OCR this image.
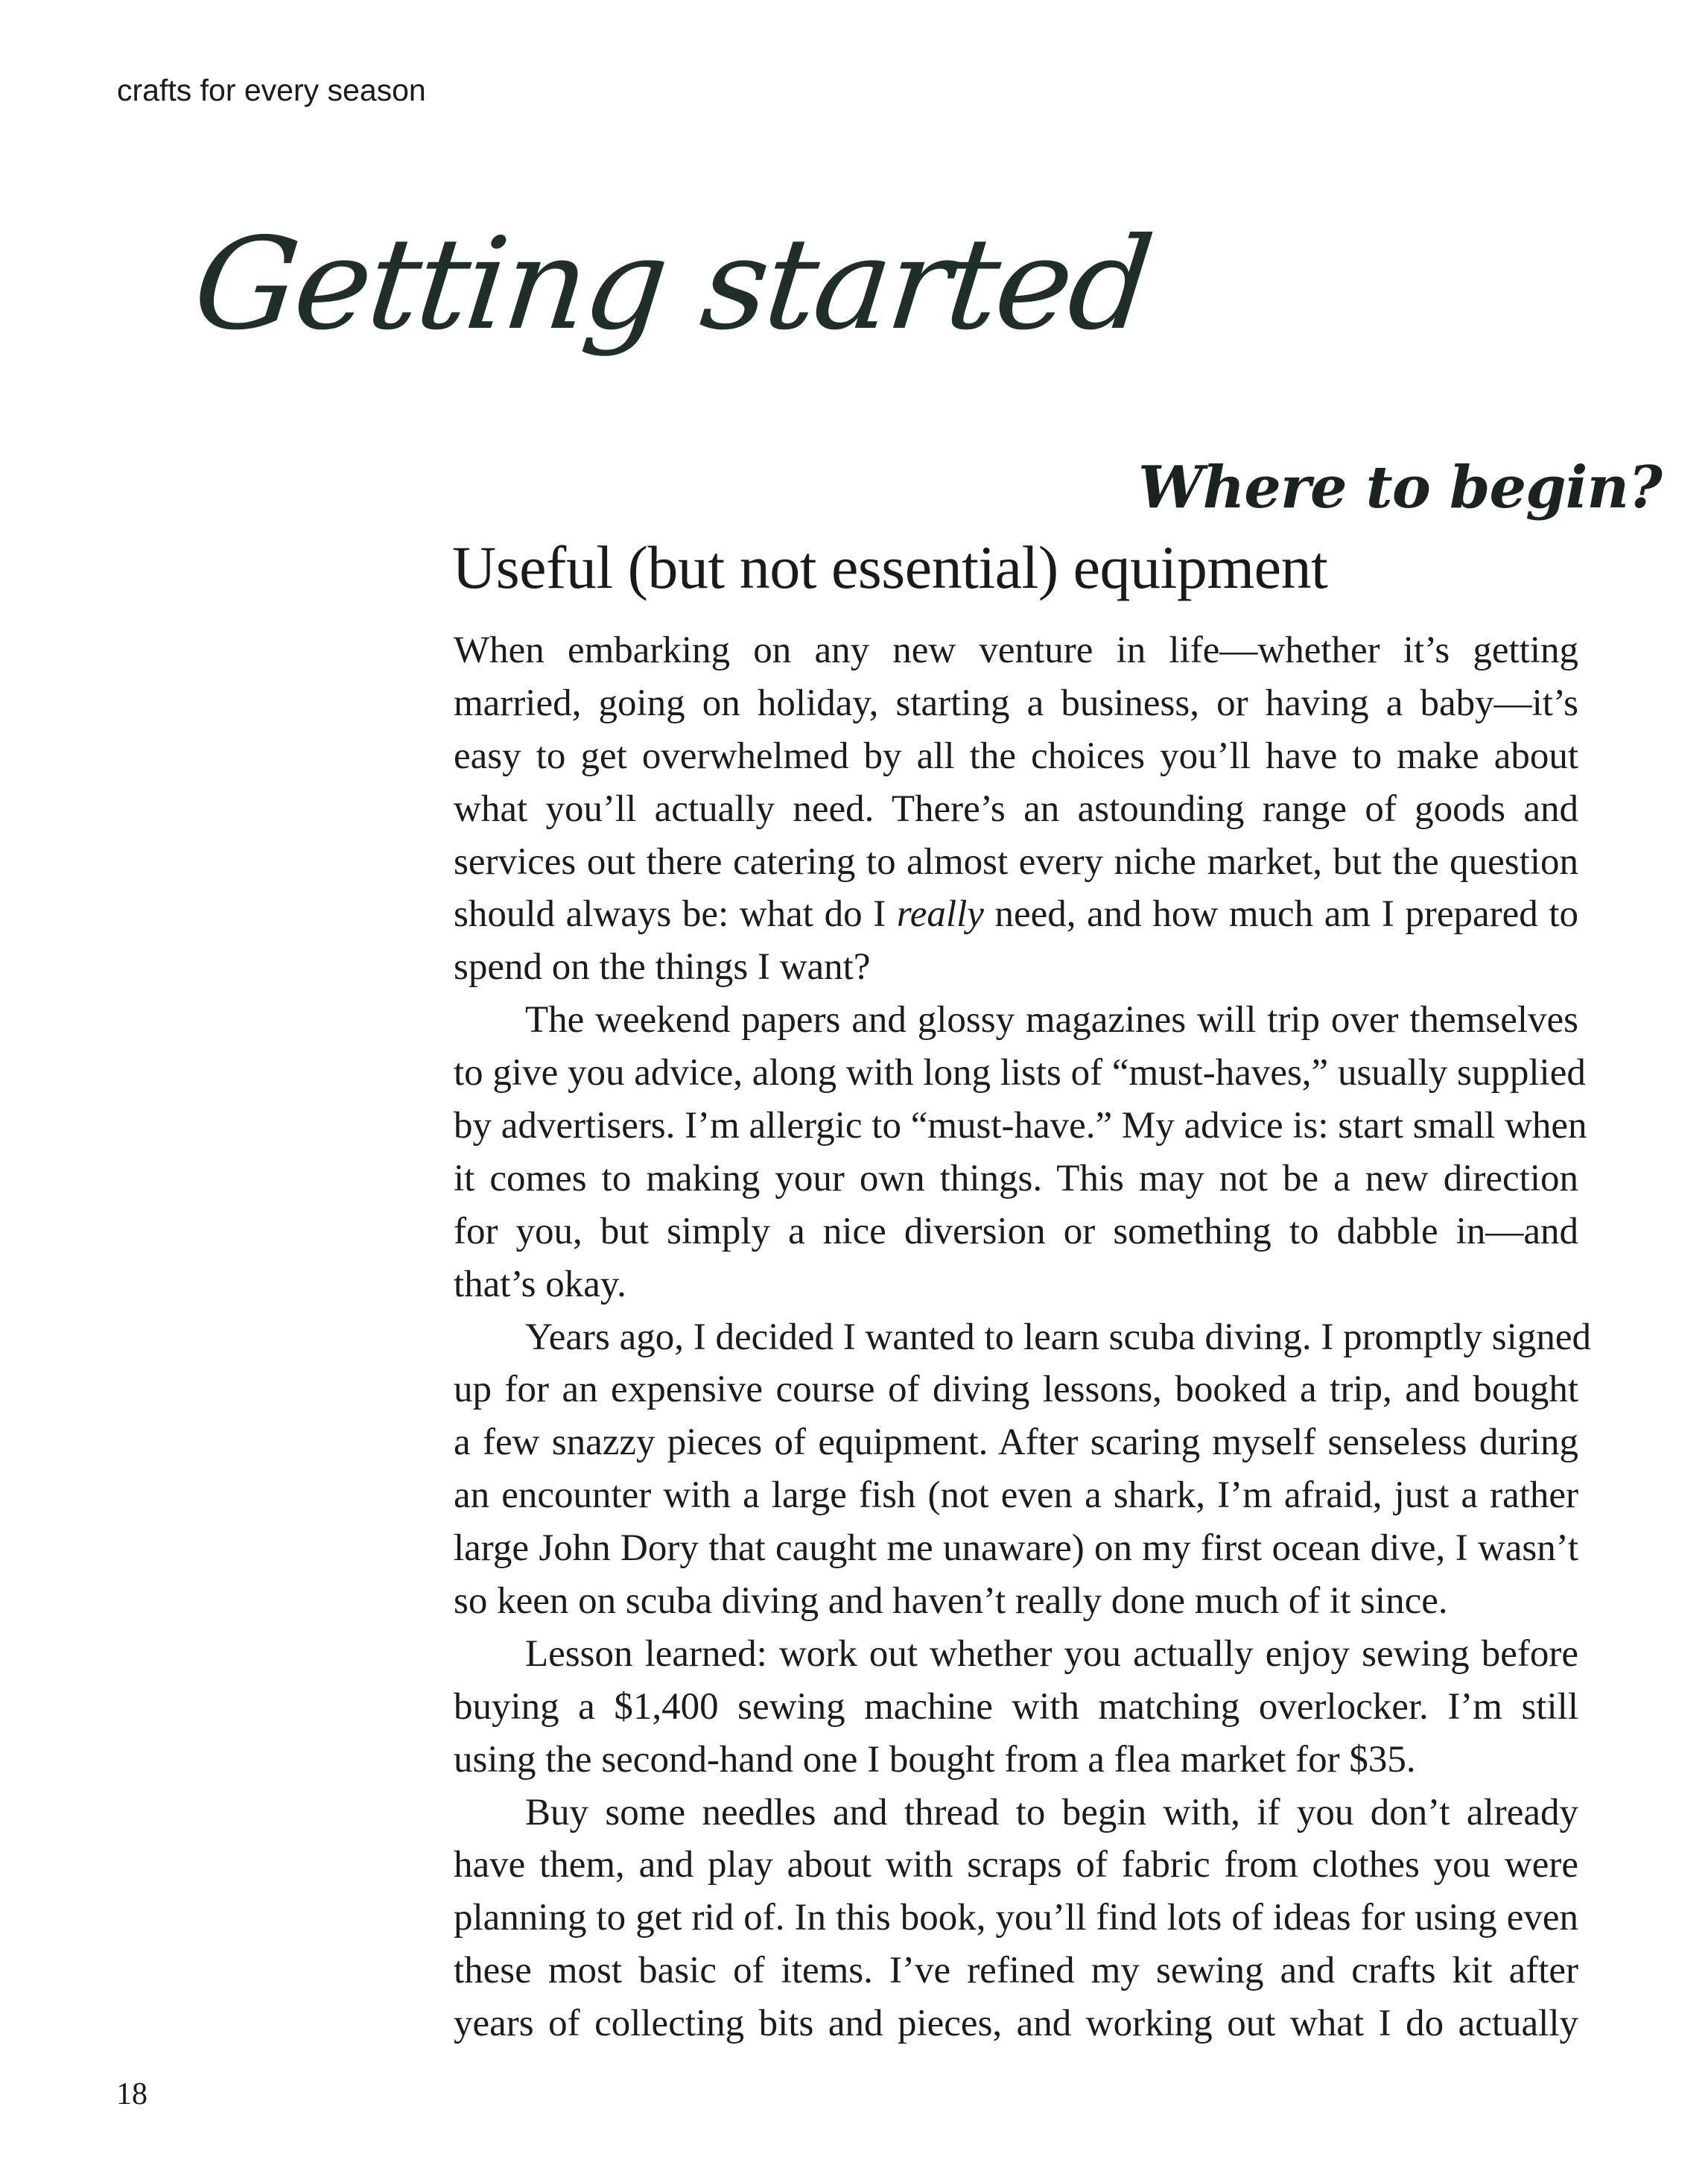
crafts for every season
Getting started
Where to begin?
Useful (but not essential) equipment
When embarking on any new venture in life—whether it’s getting
married, going on holiday, starting a business, or having a baby—it’s
easy to get overwhelmed by all the choices you’ll have to make about
what you’ll actually need. There’s an astounding range of goods and
services out there catering to almost every niche market, but the question
should always be: what do I really need, and how much am I prepared to
spend on the things I want?
The weekend papers and glossy magazines will trip over themselves
to give you advice, along with long lists of “must-haves,” usually supplied
by advertisers. I’m allergic to “must-have.” My advice is: start small when
it comes to making your own things. This may not be a new direction
for you, but simply a nice diversion or something to dabble in—and
that’s okay.
Years ago, I decided I wanted to learn scuba diving. I promptly signed
up for an expensive course of diving lessons, booked a trip, and bought
a few snazzy pieces of equipment. After scaring myself senseless during
an encounter with a large fish (not even a shark, I’m afraid, just a rather
large John Dory that caught me unaware) on my first ocean dive, I wasn’t
so keen on scuba diving and haven’t really done much of it since.
Lesson learned: work out whether you actually enjoy sewing before
buying a $1,400 sewing machine with matching overlocker. I’m still
using the second-hand one I bought from a flea market for $35.
Buy some needles and thread to begin with, if you don’t already
have them, and play about with scraps of fabric from clothes you were
planning to get rid of. In this book, you’ll find lots of ideas for using even
these most basic of items. I’ve refined my sewing and crafts kit after
years of collecting bits and pieces, and working out what I do actually
18
